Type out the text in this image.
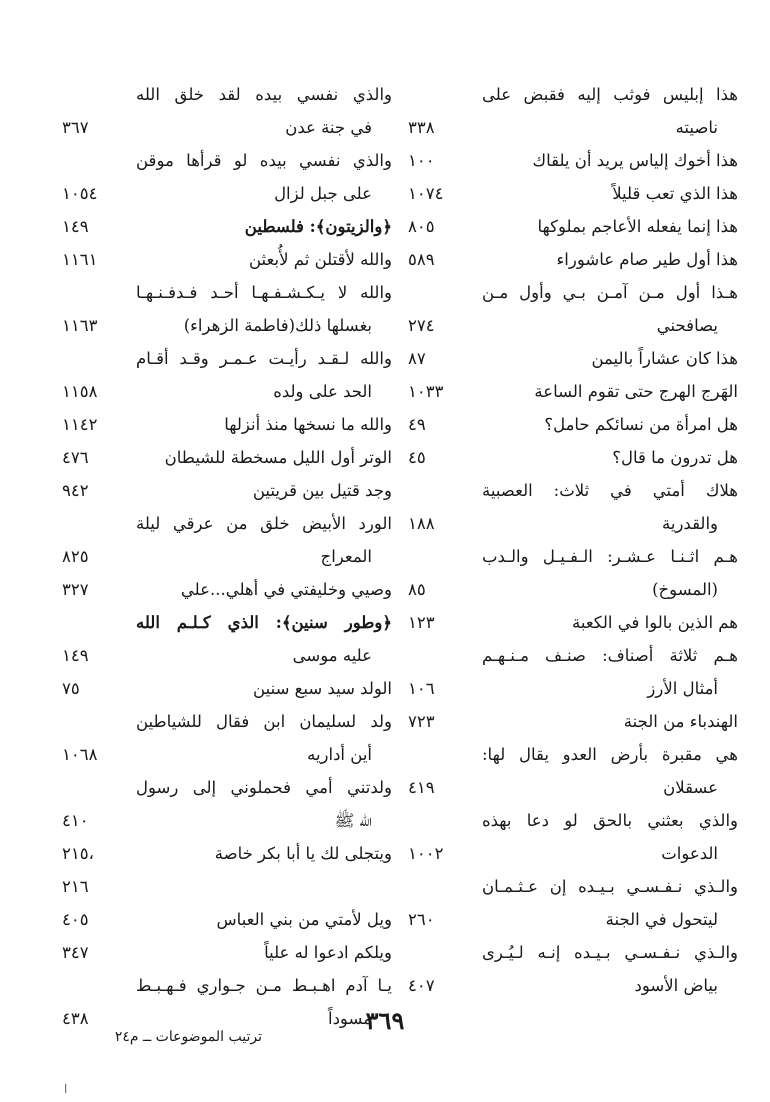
هذا إبليس فوثب إليه فقبض على
ناصيته
٣٣٨
هذا أخوك إلياس يريد أن يلقاك
١٠٠
هذا الذي تعب قليلاً
١٠٧٤
هذا إنما يفعله الأعاجم بملوكها
٨٠٥
هذا أول طير صام عاشوراء
٥٨٩
هـذا أول مـن آمـن بـي وأول مـن
يصافحني
٢٧٤
هذا كان عشاراً باليمن
٨٧
الهَرج الهرج حتى تقوم الساعة
١٠٣٣
هل امرأة من نسائكم حامل؟
٤٩
هل تدرون ما قال؟
٤٥
هلاك أمتي في ثلاث: العصبية
والقدرية
١٨٨
هـم اثـنـا عـشـر: الـفـيـل والـدب
(المسوخ)
٨٥
هم الذين بالوا في الكعبة
١٢٣
هـم ثلاثة أصناف: صنـف مـنـهـم
أمثال الأرز
١٠٦
الهندباء من الجنة
٧٢٣
هي مقبرة بأرض العدو يقال لها:
عسقلان
٤١٩
والذي بعثني بالحق لو دعا بهذه
الدعوات
١٠٠٢
والـذي نـفـسـي بـيـده إن عـثـمـان
ليتحول في الجنة
٢٦٠
والـذي نـفـسـي بـيـده إنـه لـيُـرى
بياض الأسود
٤٠٧
والذي نفسي بيده لقد خلق الله
في جنة عدن
٣٦٧
والذي نفسي بيده لو قرأها موقن
على جبل لزال
١٠٥٤
﴿والزيتون﴾: فلسطين
١٤٩
والله لأقتلن ثم لأُبعثن
١١٦١
والله لا يـكـشـفـهـا أحـد فـدفـنـهـا
بغسلها ذلك(فاطمة الزهراء)
١١٦٣
والله لـقـد رأيـت عـمـر وقـد أقـام
الحد على ولده
١١٥٨
والله ما نسخها منذ أنزلها
١١٤٢
الوتر أول الليل مسخطة للشيطان
٤٧٦
وجد قتيل بين قريتين
٩٤٢
الورد الأبيض خلق من عرقي ليلة
المعراج
٨٢٥
وصيي وخليفتي في أهلي...علي
٣٢٧
﴿وطور سنين﴾: الذي كـلـم الله
عليه موسى
١٤٩
الولد سيد سبع سنين
٧٥
ولد لسليمان ابن فقال للشياطين
أين أداريه
١٠٦٨
ولدتني أمي فحملوني إلى رسول
الله ﷺ
٤١٠
ويتجلى لك يا أبا بكر خاصة
٢١٥،
٢١٦
ويل لأمتي من بني العباس
٤٠٥
ويلكم ادعوا له علياً
٣٤٧
يـا آدم اهـبـط مـن جـواري فـهـبـط
مسوداً
٤٣٨	٣٦٩
ترتيب الموضوعات ــ م٢٤
ا
